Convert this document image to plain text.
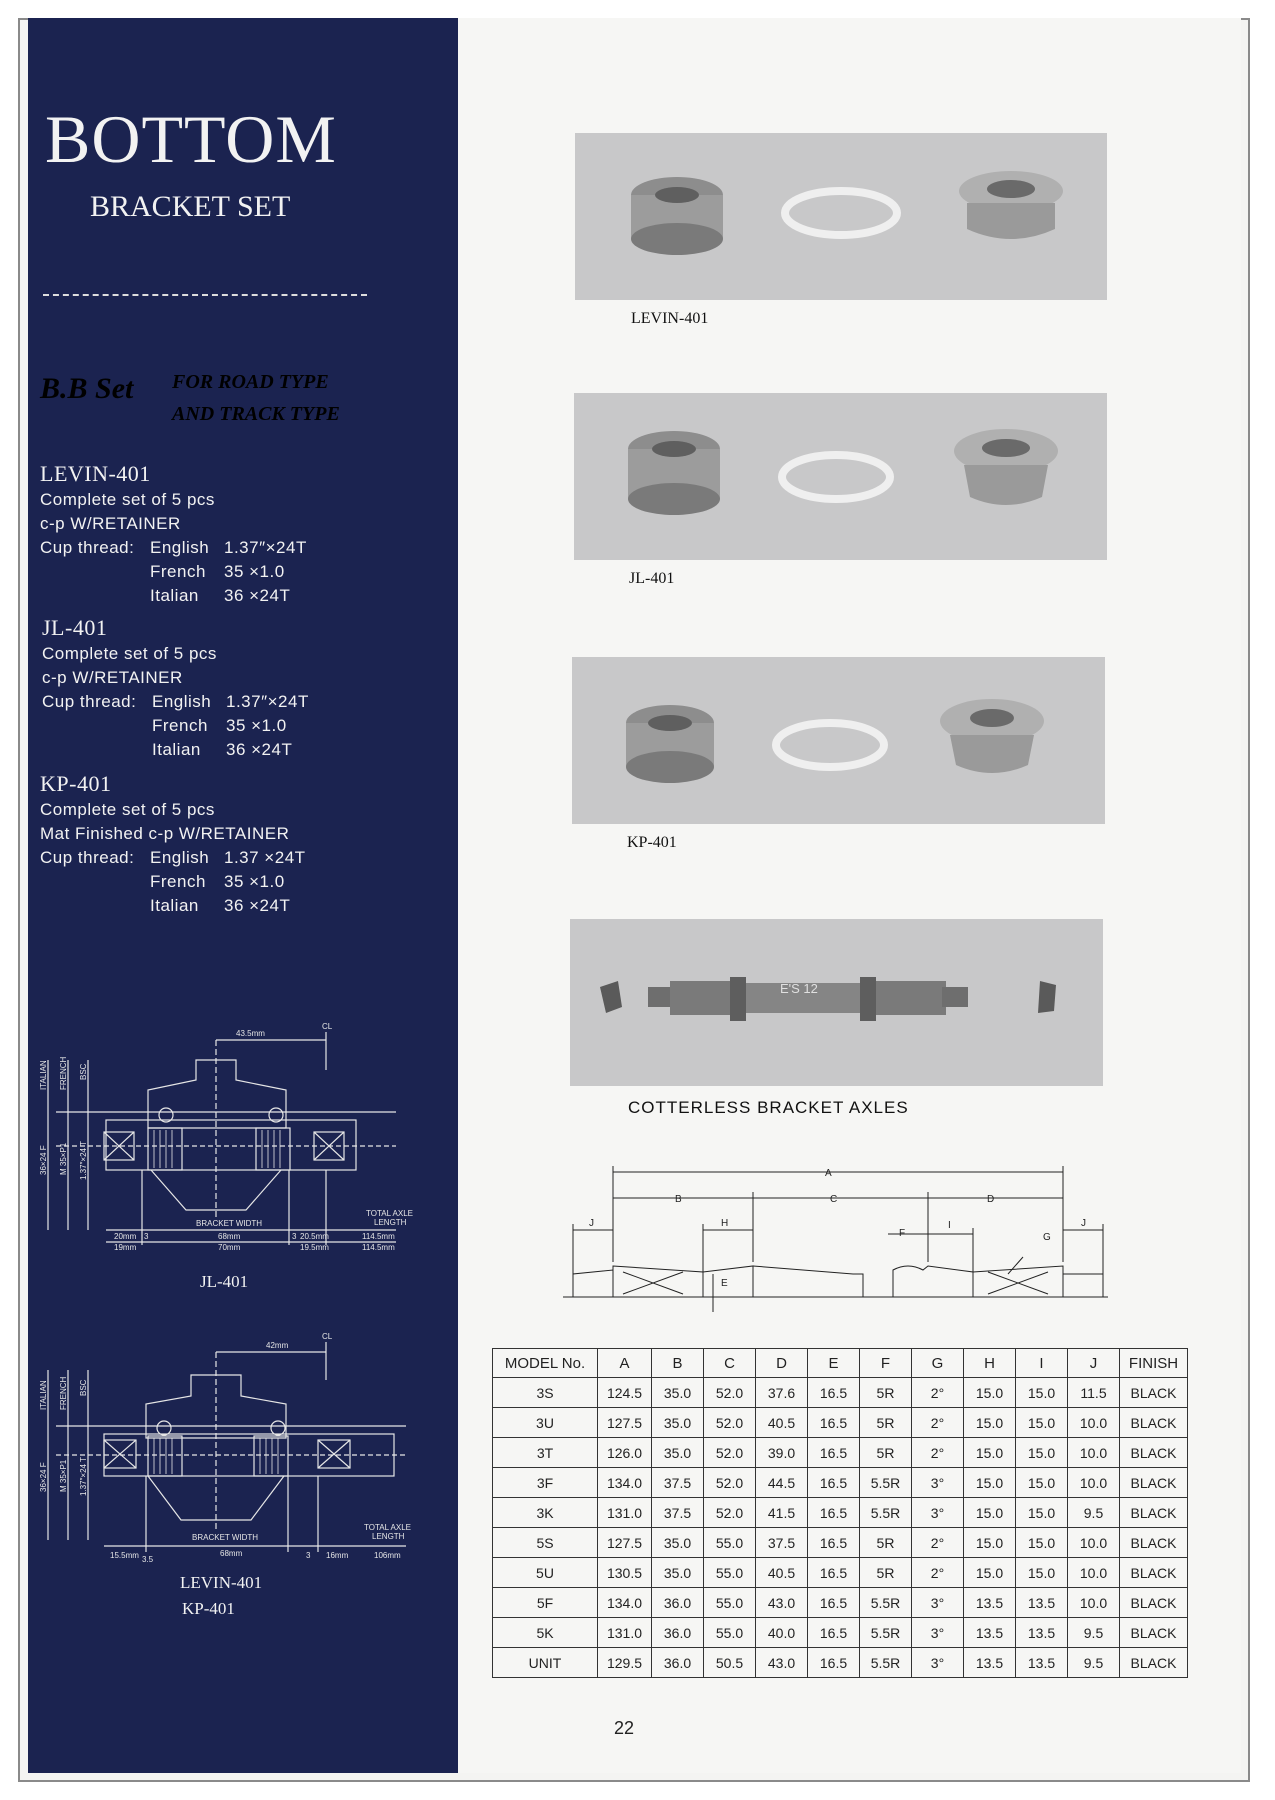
BOTTOM
BRACKET SET
B.B Set FOR ROAD TYPE
AND TRACK TYPE
LEVIN-401
Complete set of 5 pcs
c-p W/RETAINER
Cup thread: English 1.37″×24T
French	35 ×1.0
Italian	36 ×24T
JL-401
Complete set of 5 pcs
c-p W/RETAINER
Cup thread: English 1.37″×24T
French	35 ×1.0
Italian	36 ×24T
KP-401
Complete set of 5 pcs
Mat Finished c-p W/RETAINER
Cup thread: English 1.37 ×24T
French	35 ×1.0
Italian	36 ×24T
43.5mm
CL
ITALIAN FRENCH BSC
36×24 F M 35×P1 1.37″×24 T
BRACKET WIDTH
TOTAL AXLE
LENGTH
20mm
19mm
68mm
70mm
3	3 20.5mm
19.5mm
114.5mm
114.5mm
JL-401
42mm
CL
ITALIAN FRENCH BSC
36×24 F M 35×P1 1.37″×24 T
BRACKET WIDTH
TOTAL AXLE
LENGTH
15.5mm 3.5
68mm	3 16mm	106mm
LEVIN-401
KP-401
LEVIN-401
JL-401
KP-401
E'S 12
COTTERLESS BRACKET AXLES
A
B	C	D
E
F	G
H	I
J	J
MODEL No.	A	B	C	D	E	F	G	H	I	J	FINISH
3S	124.5	35.0	52.0	37.6	16.5	5R	2°	15.0	15.0	11.5	BLACK
3U	127.5	35.0	52.0	40.5	16.5	5R	2°	15.0	15.0	10.0	BLACK
3T	126.0	35.0	52.0	39.0	16.5	5R	2°	15.0	15.0	10.0	BLACK
3F	134.0	37.5	52.0	44.5	16.5	5.5R	3°	15.0	15.0	10.0	BLACK
3K	131.0	37.5	52.0	41.5	16.5	5.5R	3°	15.0	15.0	9.5	BLACK
5S	127.5	35.0	55.0	37.5	16.5	5R	2°	15.0	15.0	10.0	BLACK
5U	130.5	35.0	55.0	40.5	16.5	5R	2°	15.0	15.0	10.0	BLACK
5F	134.0	36.0	55.0	43.0	16.5	5.5R	3°	13.5	13.5	10.0	BLACK
5K	131.0	36.0	55.0	40.0	16.5	5.5R	3°	13.5	13.5	9.5	BLACK
UNIT	129.5	36.0	50.5	43.0	16.5	5.5R	3°	13.5	13.5	9.5	BLACK
22
